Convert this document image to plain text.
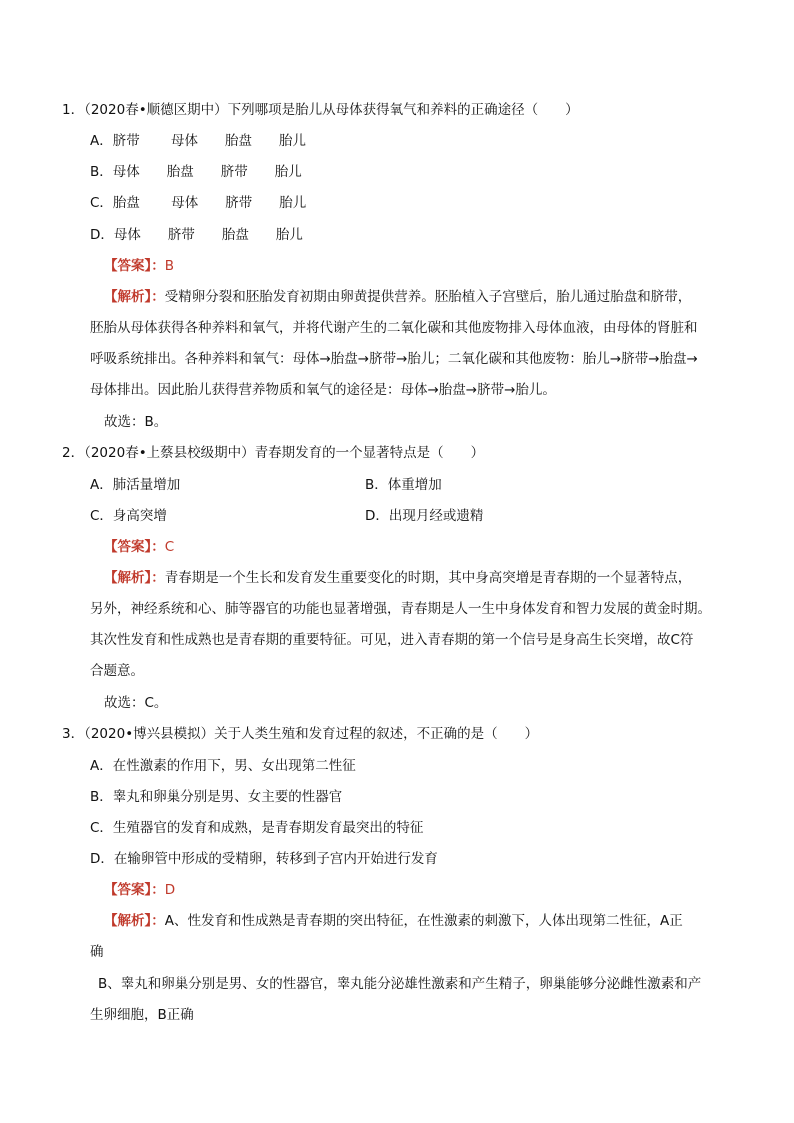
1．（2020春•顺德区期中）下列哪项是胎儿从母体获得氧气和养料的正确途径（　　）
A．脐带　　 母体　　胎盘　　胎儿
B．母体　　胎盘　　脐带　　胎儿
C．胎盘　　 母体　　脐带　　胎儿
D．母体　　脐带　　胎盘　　胎儿
【答案】：B
【解析】：受精卵分裂和胚胎发育初期由卵黄提供营养。胚胎植入子宫壁后，胎儿通过胎盘和脐带，
胚胎从母体获得各种养料和氧气，并将代谢产生的二氧化碳和其他废物排入母体血液，由母体的肾脏和
呼吸系统排出。各种养料和氧气：母体→胎盘→脐带→胎儿；二氧化碳和其他废物：胎儿→脐带→胎盘→
母体排出。因此胎儿获得营养物质和氧气的途径是：母体→胎盘→脐带→胎儿。
故选：B。
2．（2020春•上蔡县校级期中）青春期发育的一个显著特点是（　　）
A．肺活量增加	B．体重增加
C．身高突增	D．出现月经或遗精
【答案】：C
【解析】：青春期是一个生长和发育发生重要变化的时期，其中身高突增是青春期的一个显著特点，
另外，神经系统和心、肺等器官的功能也显著增强，青春期是人一生中身体发育和智力发展的黄金时期。
其次性发育和性成熟也是青春期的重要特征。可见，进入青春期的第一个信号是身高生长突增，故C符
合题意。
故选：C。
3．（2020•博兴县模拟）关于人类生殖和发育过程的叙述，不正确的是（　　）
A．在性激素的作用下，男、女出现第二性征
B．睾丸和卵巢分别是男、女主要的性器官
C．生殖器官的发育和成熟，是青春期发育最突出的特征
D．在输卵管中形成的受精卵，转移到子宫内开始进行发育
【答案】：D
【解析】：A、性发育和性成熟是青春期的突出特征，在性激素的刺激下，人体出现第二性征，A正
确
B、睾丸和卵巢分别是男、女的性器官，睾丸能分泌雄性激素和产生精子，卵巢能够分泌雌性激素和产
生卵细胞，B正确
